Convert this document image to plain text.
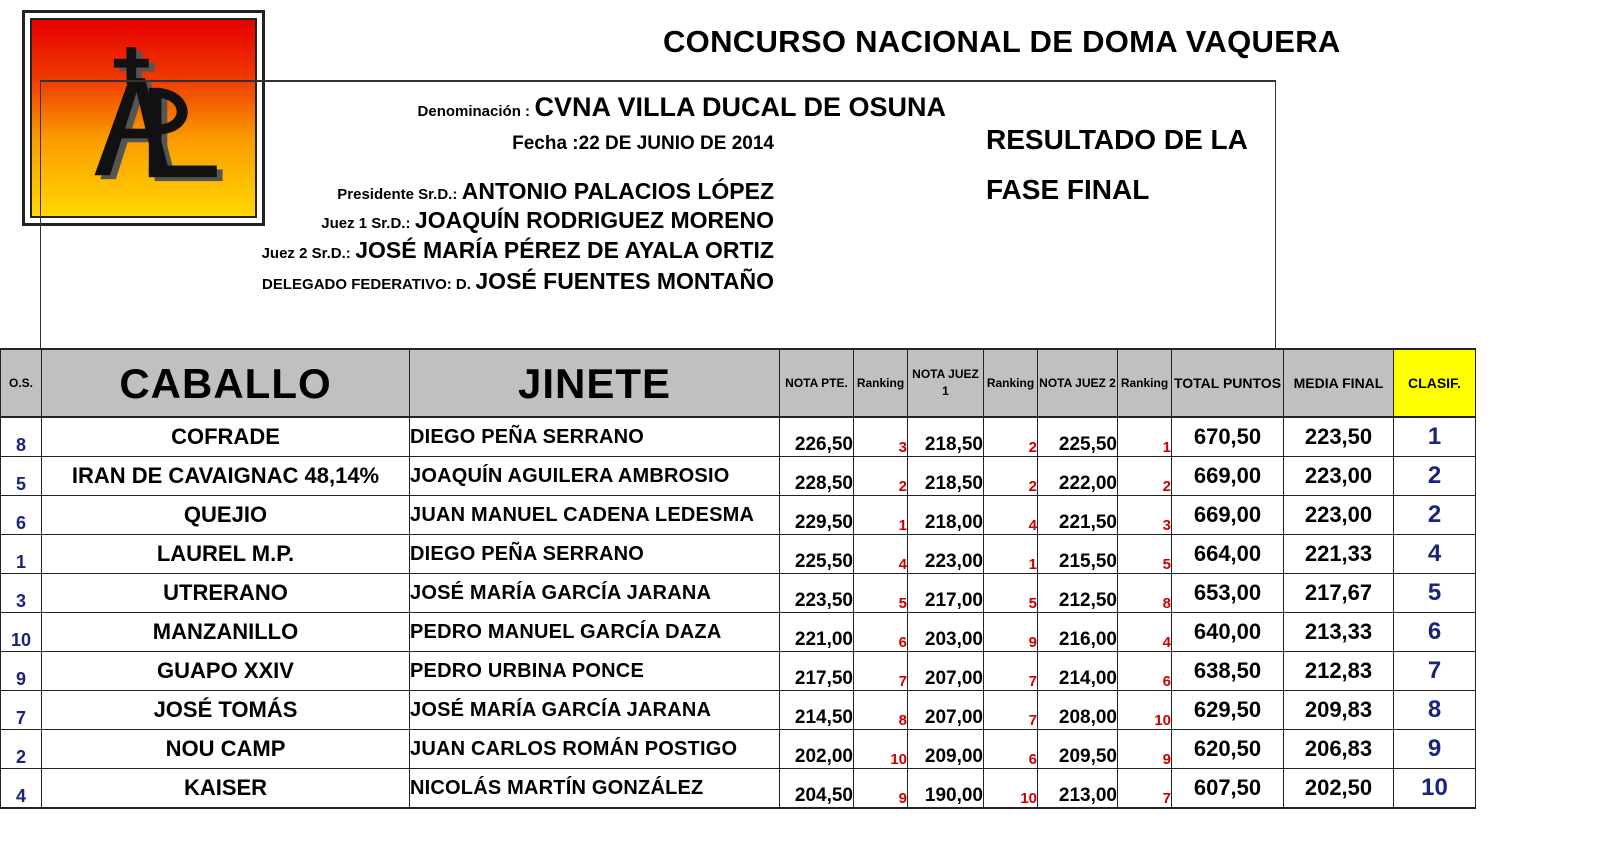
CONCURSO NACIONAL DE DOMA VAQUERA
Denominación : CVNA VILLA DUCAL DE OSUNA
Fecha :22 DE JUNIO DE 2014
Presidente Sr.D.: ANTONIO PALACIOS LÓPEZ
Juez 1 Sr.D.: JOAQUÍN RODRIGUEZ MORENO
Juez 2 Sr.D.: JOSÉ MARÍA PÉREZ DE AYALA ORTIZ
DELEGADO FEDERATIVO: D. JOSÉ FUENTES MONTAÑO
RESULTADO DE LA
FASE FINAL
O.S.	CABALLO	JINETE	NOTA PTE.	Ranking	NOTA JUEZ 1	Ranking	NOTA JUEZ 2	Ranking	TOTAL PUNTOS	MEDIA FINAL	CLASIF.
8	COFRADE	DIEGO PEÑA SERRANO	226,50	3	218,50	2	225,50	1	670,50	223,50	1
5	IRAN DE CAVAIGNAC 48,14%	JOAQUÍN AGUILERA AMBROSIO	228,50	2	218,50	2	222,00	2	669,00	223,00	2
6	QUEJIO	JUAN MANUEL CADENA LEDESMA	229,50	1	218,00	4	221,50	3	669,00	223,00	2
1	LAUREL M.P.	DIEGO PEÑA SERRANO	225,50	4	223,00	1	215,50	5	664,00	221,33	4
3	UTRERANO	JOSÉ MARÍA GARCÍA JARANA	223,50	5	217,00	5	212,50	8	653,00	217,67	5
10	MANZANILLO	PEDRO MANUEL GARCÍA DAZA	221,00	6	203,00	9	216,00	4	640,00	213,33	6
9	GUAPO XXIV	PEDRO URBINA PONCE	217,50	7	207,00	7	214,00	6	638,50	212,83	7
7	JOSÉ TOMÁS	JOSÉ MARÍA GARCÍA JARANA	214,50	8	207,00	7	208,00	10	629,50	209,83	8
2	NOU CAMP	JUAN CARLOS ROMÁN POSTIGO	202,00	10	209,00	6	209,50	9	620,50	206,83	9
4	KAISER	NICOLÁS MARTÍN GONZÁLEZ	204,50	9	190,00	10	213,00	7	607,50	202,50	10
